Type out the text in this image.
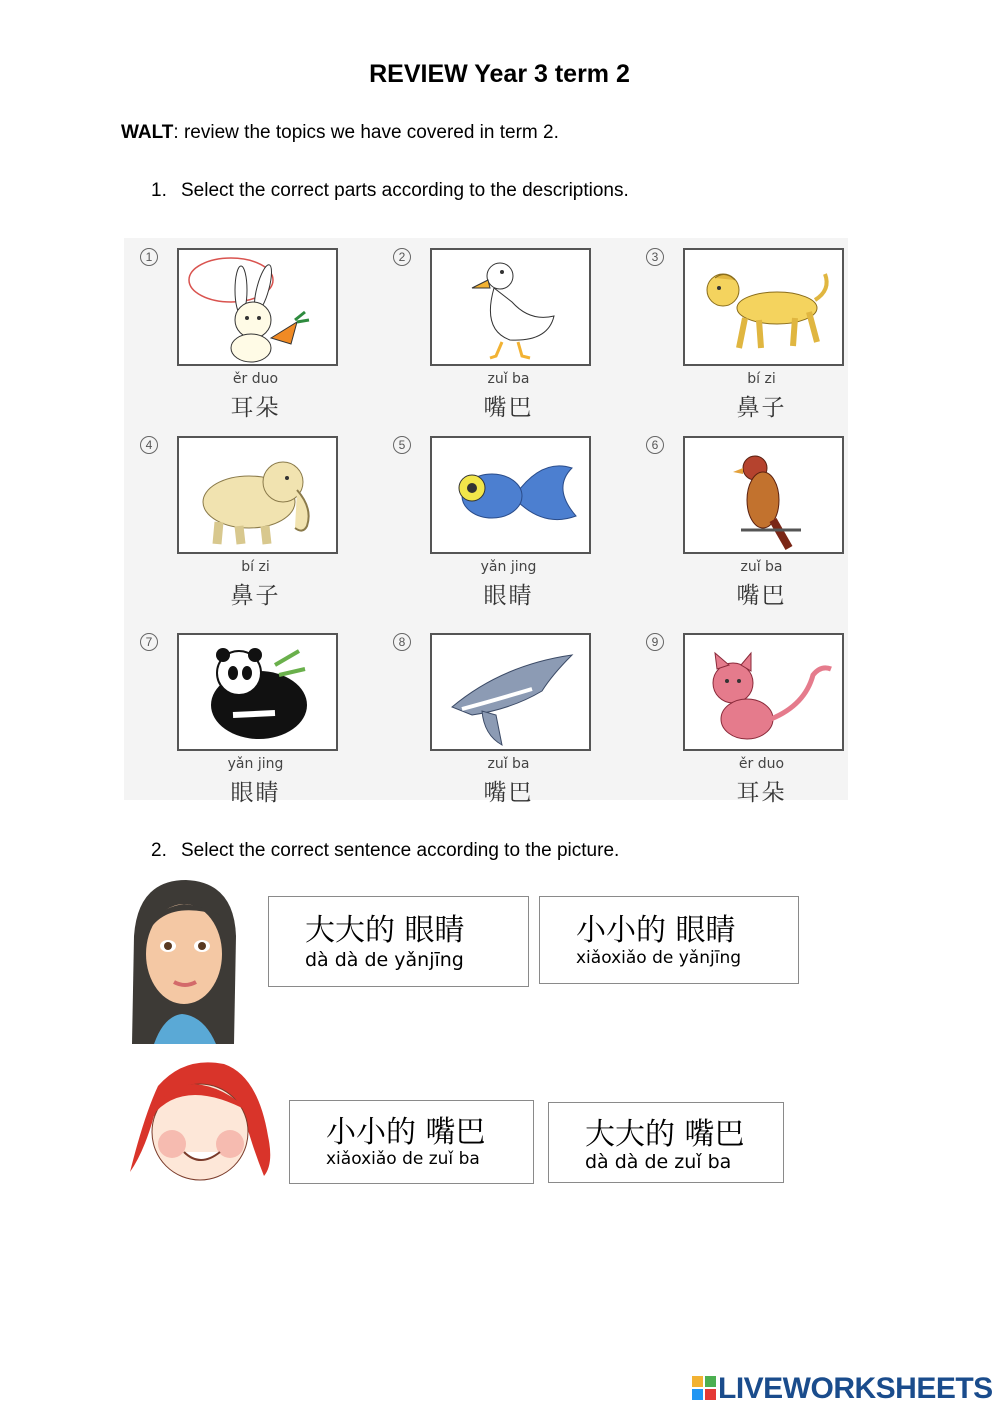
REVIEW Year 3 term 2
WALT: review the topics we have covered in term 2.
1. Select the correct parts according to the descriptions.
1
ěr duo
耳朵
2
zuǐ ba
嘴巴
3
bí zi
鼻子
4
bí zi
鼻子
5
yǎn jing
眼睛
6
zuǐ ba
嘴巴
7
yǎn jing
眼睛
8
zuǐ ba
嘴巴
9
ěr duo
耳朵
2. Select the correct sentence according to the picture.
大大的 眼睛
dà dà de yǎnjīng
小小的 眼睛
xiǎoxiǎo de yǎnjīng
小小的 嘴巴
xiǎoxiǎo de zuǐ ba
大大的 嘴巴
dà dà de zuǐ ba
LIVEWORKSHEETS
